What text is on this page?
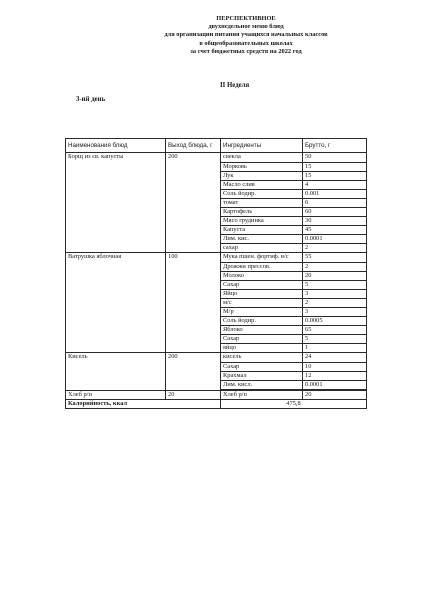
ПЕРСПЕКТИВНОЕ
двухнедельное меню блюд
для организации питания учащихся начальных классов
в общеобразовательных школах
за счет бюджетных средств на 2022 год
II Неделя
3-ий день
Наименования блюд	Выход блюда, г	Ингредиенты	Брутто, г
Борщ из св. капусты	200	свекла	50
		Морковь	15
		Лук	15
		Масло слив	4
		Соль йодир.	0.001
		томат	6
		Картофель	60
		Мясо грудинка	30
		Капуста	45
		Лим. кис.	0.0001
		сахар	2
Ватрушка яблочная	100	Мука пшен. фортиф. в/с	55
		Дрожжи прессов.	2
		Молоко	20
		Сахар	5
		Яйцо	3
		м/с	2
		М/р	3
		Соль йодир.	0.0005
		Яблоко	65
		Сахар	5
		яйцо	1
Кисель	200	кисель	24
		Сахар	10
		Крахмал	12
		Лим. кисл.	0.0001

Хлеб р/п	20	Хлеб р/п	20
Калорийность, ккал		475,8	
